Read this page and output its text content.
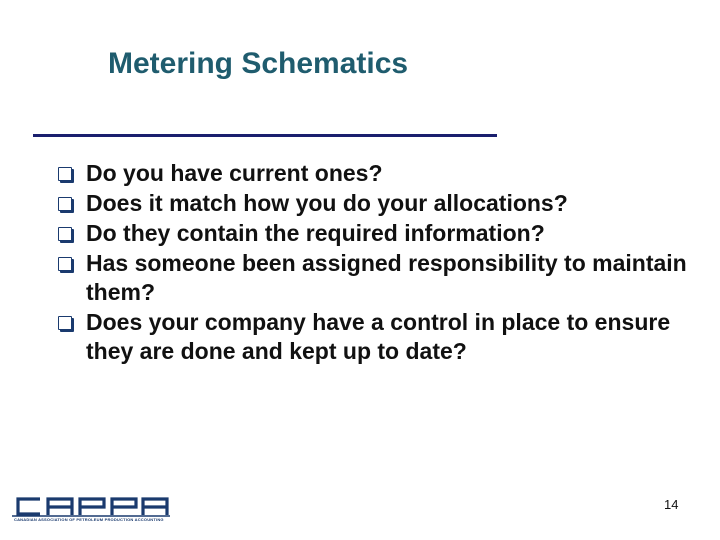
Metering Schematics
Do you have current ones?
Does it match how you do your allocations?
Do they contain the required information?
Has someone been assigned responsibility to maintain them?
Does your company have a control in place to ensure they are done and kept up to date?
CANADIAN ASSOCIATION OF PETROLEUM PRODUCTION ACCOUNTING
14
